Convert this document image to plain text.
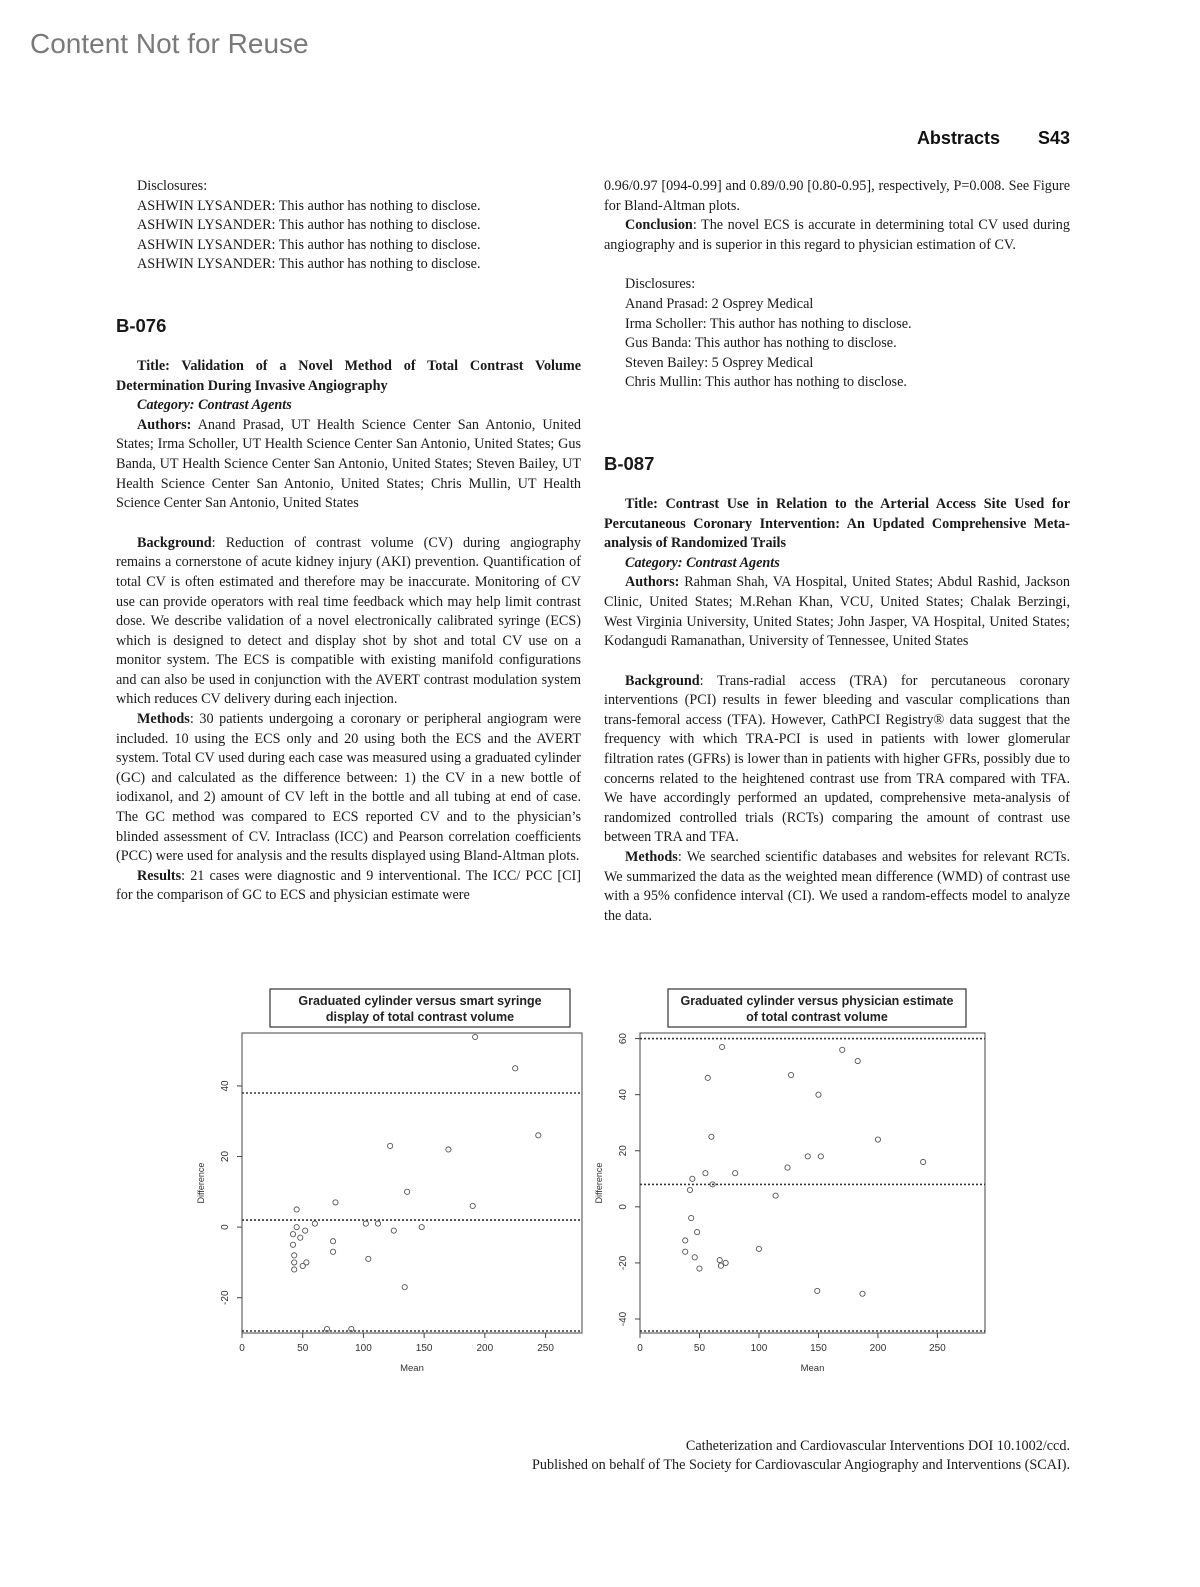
Content Not for Reuse
Abstracts S43

Disclosures:

ASHWIN LYSANDER: This author has nothing to disclose.

ASHWIN LYSANDER: This author has nothing to disclose.

ASHWIN LYSANDER: This author has nothing to disclose.

ASHWIN LYSANDER: This author has nothing to disclose.

B-076

Title: Validation of a Novel Method of Total Contrast Volume Determination During Invasive Angiography

Category: Contrast Agents

Authors: Anand Prasad, UT Health Science Center San Antonio, United States; Irma Scholler, UT Health Science Center San Antonio, United States; Gus Banda, UT Health Science Center San Antonio, United States; Steven Bailey, UT Health Science Center San Antonio, United States; Chris Mullin, UT Health Science Center San Antonio, United States

Background: Reduction of contrast volume (CV) during angiography remains a cornerstone of acute kidney injury (AKI) prevention. Quantification of total CV is often estimated and therefore may be inaccurate. Monitoring of CV use can provide operators with real time feedback which may help limit contrast dose. We describe validation of a novel electronically calibrated syringe (ECS) which is designed to detect and display shot by shot and total CV use on a monitor system. The ECS is compatible with existing manifold configurations and can also be used in conjunction with the AVERT contrast modulation system which reduces CV delivery during each injection.

Methods: 30 patients undergoing a coronary or peripheral angiogram were included. 10 using the ECS only and 20 using both the ECS and the AVERT system. Total CV used during each case was measured using a graduated cylinder (GC) and calculated as the difference between: 1) the CV in a new bottle of iodixanol, and 2) amount of CV left in the bottle and all tubing at end of case. The GC method was compared to ECS reported CV and to the physician’s blinded assessment of CV. Intraclass (ICC) and Pearson correlation coefficients (PCC) were used for analysis and the results displayed using Bland-Altman plots.

Results: 21 cases were diagnostic and 9 interventional. The ICC/ PCC [CI] for the comparison of GC to ECS and physician estimate were

0.96/0.97 [094-0.99] and 0.89/0.90 [0.80-0.95], respectively, P=0.008. See Figure for Bland-Altman plots.

Conclusion: The novel ECS is accurate in determining total CV used during angiography and is superior in this regard to physician estimation of CV.

Disclosures:

Anand Prasad: 2 Osprey Medical

Irma Scholler: This author has nothing to disclose.

Gus Banda: This author has nothing to disclose.

Steven Bailey: 5 Osprey Medical

Chris Mullin: This author has nothing to disclose.

B-087

Title: Contrast Use in Relation to the Arterial Access Site Used for Percutaneous Coronary Intervention: An Updated Comprehensive Meta-analysis of Randomized Trails

Category: Contrast Agents

Authors: Rahman Shah, VA Hospital, United States; Abdul Rashid, Jackson Clinic, United States; M.Rehan Khan, VCU, United States; Chalak Berzingi, West Virginia University, United States; John Jasper, VA Hospital, United States; Kodangudi Ramanathan, University of Tennessee, United States

Background: Trans-radial access (TRA) for percutaneous coronary interventions (PCI) results in fewer bleeding and vascular complications than trans-femoral access (TFA). However, CathPCI Registry® data suggest that the frequency with which TRA-PCI is used in patients with lower glomerular filtration rates (GFRs) is lower than in patients with higher GFRs, possibly due to concerns related to the heightened contrast use from TRA compared with TFA. We have accordingly performed an updated, comprehensive meta-analysis of randomized controlled trials (RCTs) comparing the amount of contrast use between TRA and TFA.

Methods: We searched scientific databases and websites for relevant RCTs. We summarized the data as the weighted mean difference (WMD) of contrast use with a 95% confidence interval (CI). We used a random-effects model to analyze the data.

Graduated cylinder versus smart syringe
display of total contrast volume
0	50	100	150	200	250
-20
0
20
40
Mean
Difference
Graduated cylinder versus physician estimate
of total contrast volume
0	50	100	150	200	250
-40
-20
0
20
40
60
Mean
Difference
Catheterization and Cardiovascular Interventions DOI 10.1002/ccd.
Published on behalf of The Society for Cardiovascular Angiography and Interventions (SCAI).
